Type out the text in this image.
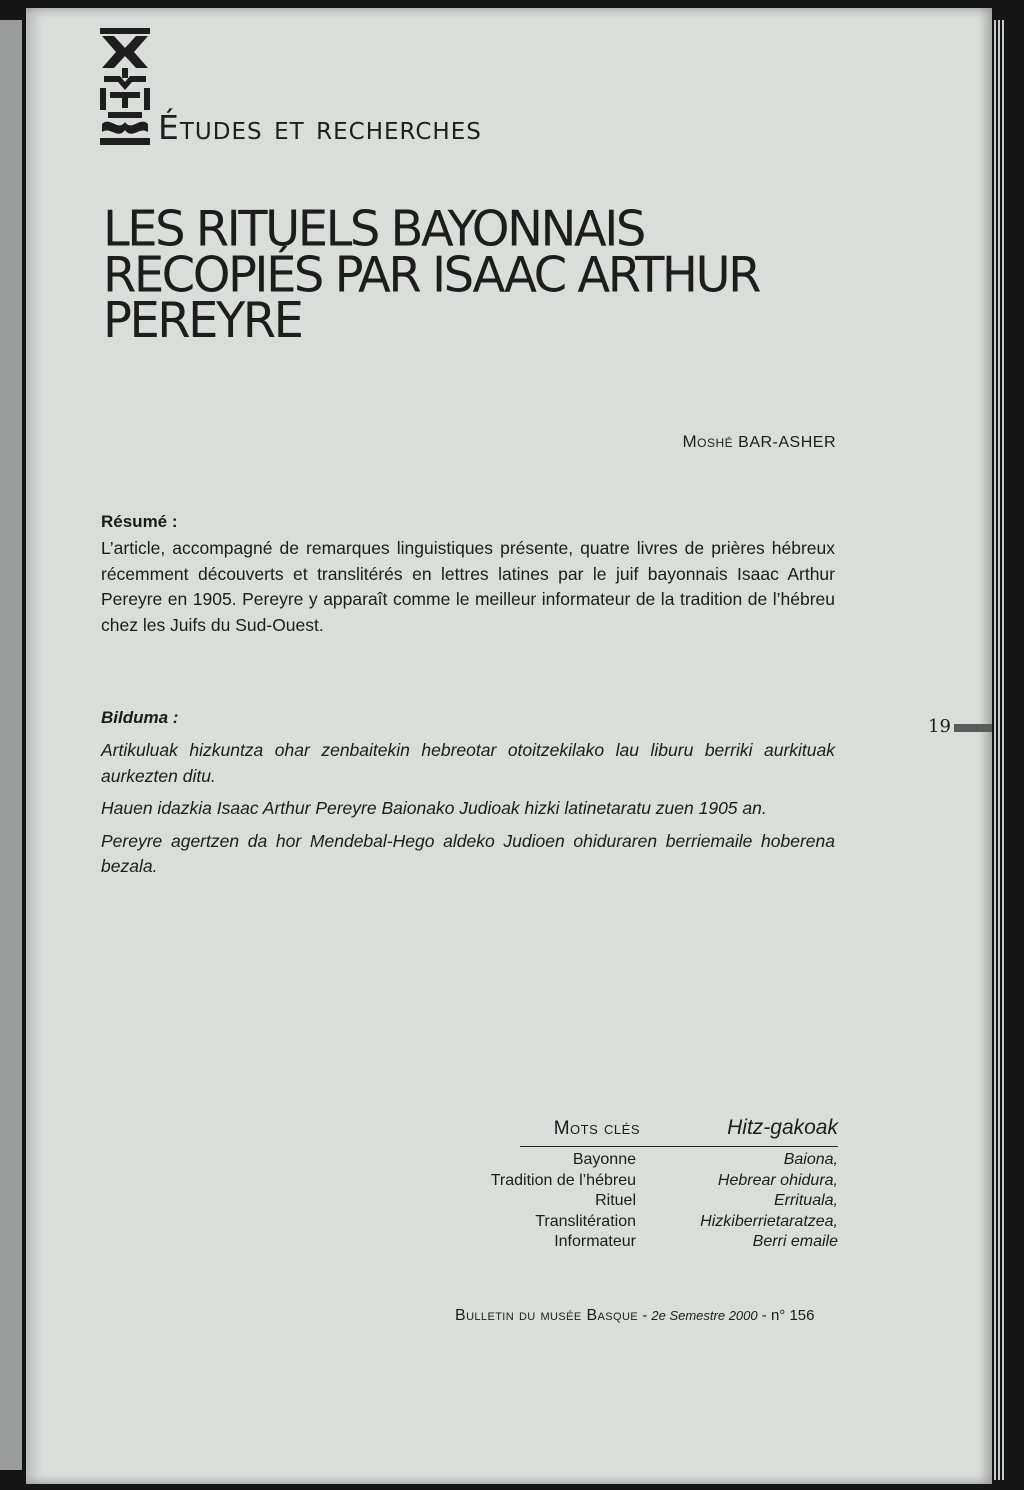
Études et recherches
LES RITUELS BAYONNAIS
RECOPIÉS PAR ISAAC ARTHUR
PEREYRE
Moshé BAR-ASHER
Résumé :

L’article, accompagné de remarques linguistiques présente, quatre livres de prières hébreux récemment découverts et translitérés en lettres latines par le juif bayonnais Isaac Arthur Pereyre en 1905. Pereyre y apparaît comme le meilleur informateur de la tradition de l’hébreu chez les Juifs du Sud-Ouest.

Bilduma :

Artikuluak hizkuntza ohar zenbaitekin hebreotar otoitzekilako lau liburu berriki aurkituak aurkezten ditu.

Hauen idazkia Isaac Arthur Pereyre Baionako Judioak hizki latinetaratu zuen 1905 an.

Pereyre agertzen da hor Mendebal-Hego aldeko Judioen ohiduraren berriemaile hoberena bezala.

19
Mots clés	Hitz-gakoak
Bayonne
Tradition de l’hébreu
Rituel
Translitération
Informateur
Baiona,
Hebrear ohidura,
Errituala,
Hizkiberrietaratzea,
Berri emaile
Bulletin du musée Basque - 2e Semestre 2000 - n° 156
